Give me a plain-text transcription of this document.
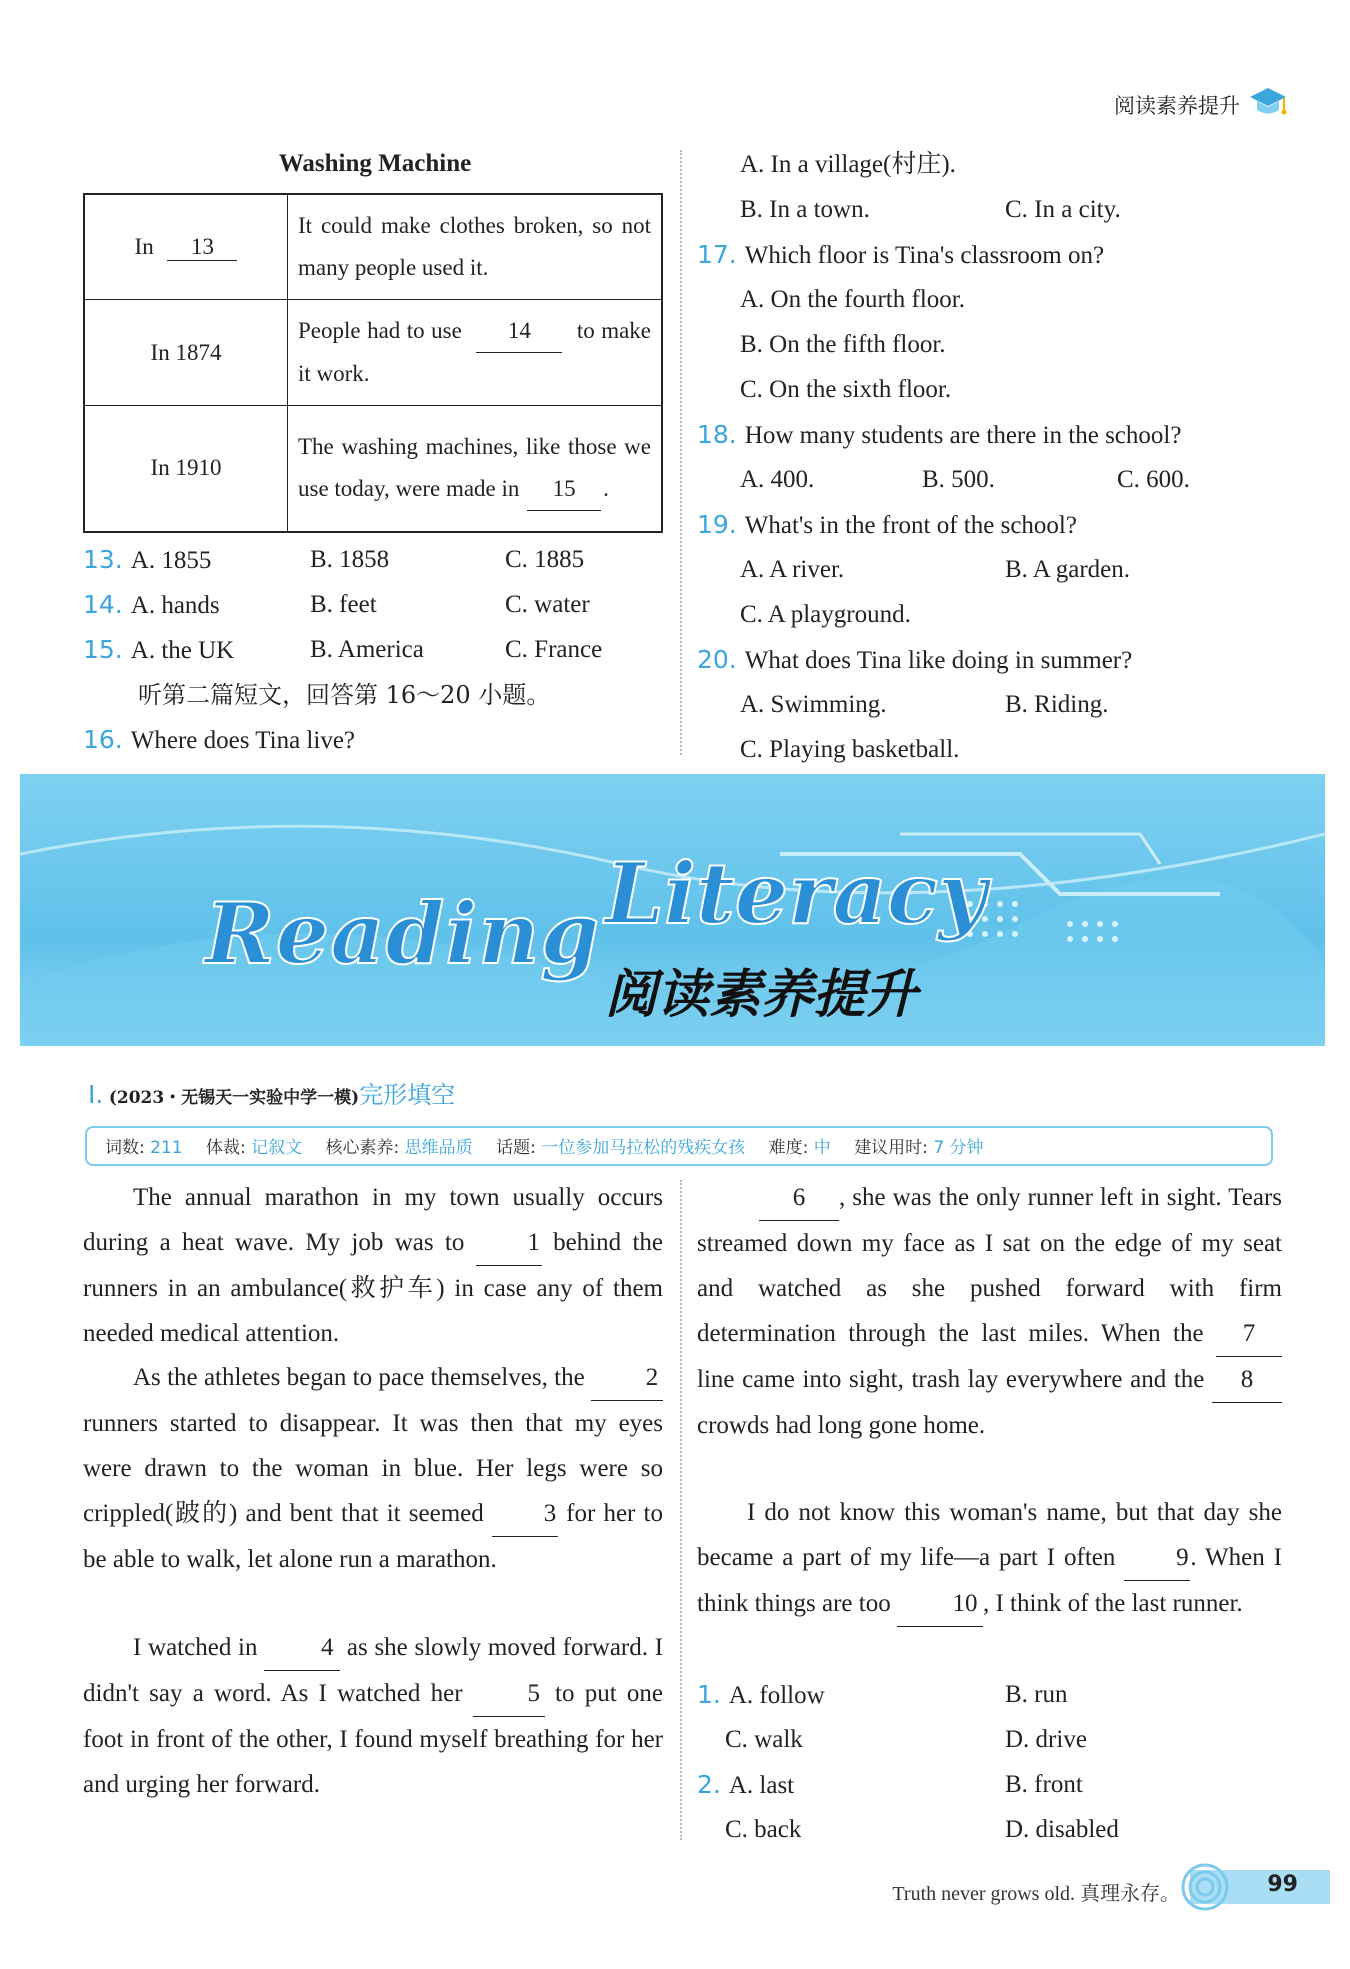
阅读素养提升
Washing Machine
In 13	It could make clothes broken, so not many people used it.
In 1874	People had to use 14 to make it work.
In 1910	The washing machines, like those we use today, were made in 15 .
13. A. 1855	B. 1858	C. 1885
14. A. hands	B. feet	C. water
15. A. the UK	B. America	C. France
听第二篇短文，回答第 16～20 小题。
16. Where does Tina live?
A. In a village(村庄).
B. In a town.	C. In a city.
17. Which floor is Tina's classroom on?
A. On the fourth floor.
B. On the fifth floor.
C. On the sixth floor.
18. How many students are there in the school?
A. 400.	B. 500.	C. 600.
19. What's in the front of the school?
A. A river.	B. A garden.
C. A playground.
20. What does Tina like doing in summer?
A. Swimming.	B. Riding.
C. Playing basketball.
Reading Literacy
阅读素养提升
Ⅰ. (2023・无锡天一实验中学一模)完形填空
词数: 211 体裁: 记叙文 核心素养: 思维品质 话题: 一位参加马拉松的残疾女孩 难度: 中 建议用时: 7 分钟
The annual marathon in my town usually occurs during a heat wave. My job was to	1 behind the runners in an ambulance(救护车) in case any of them needed medical attention.
As the athletes began to pace themselves, the 2 runners started to disappear. It was then that my eyes were drawn to the woman in blue. Her legs were so crippled(跛的) and bent that it seemed 3 for her to be able to walk, let alone run a marathon.
I watched in	4 as she slowly moved forward. I didn't say a word. As I watched her	5 to put one foot in front of the other, I found myself breathing for her and urging her forward.
6 , she was the only runner left in sight. Tears streamed down my face as I sat on the edge of my seat and watched as she pushed forward with firm determination through the last miles. When the 7 line came into sight, trash lay everywhere and the 8 crowds had long gone home.
I do not know this woman's name, but that day she became a part of my life—a part I often 9. When I think things are too 10 , I think of the last runner.
1. A. follow	B. run
C. walk	D. drive
2. A. last	B. front
C. back	D. disabled
99
Truth never grows old. 真理永存。
